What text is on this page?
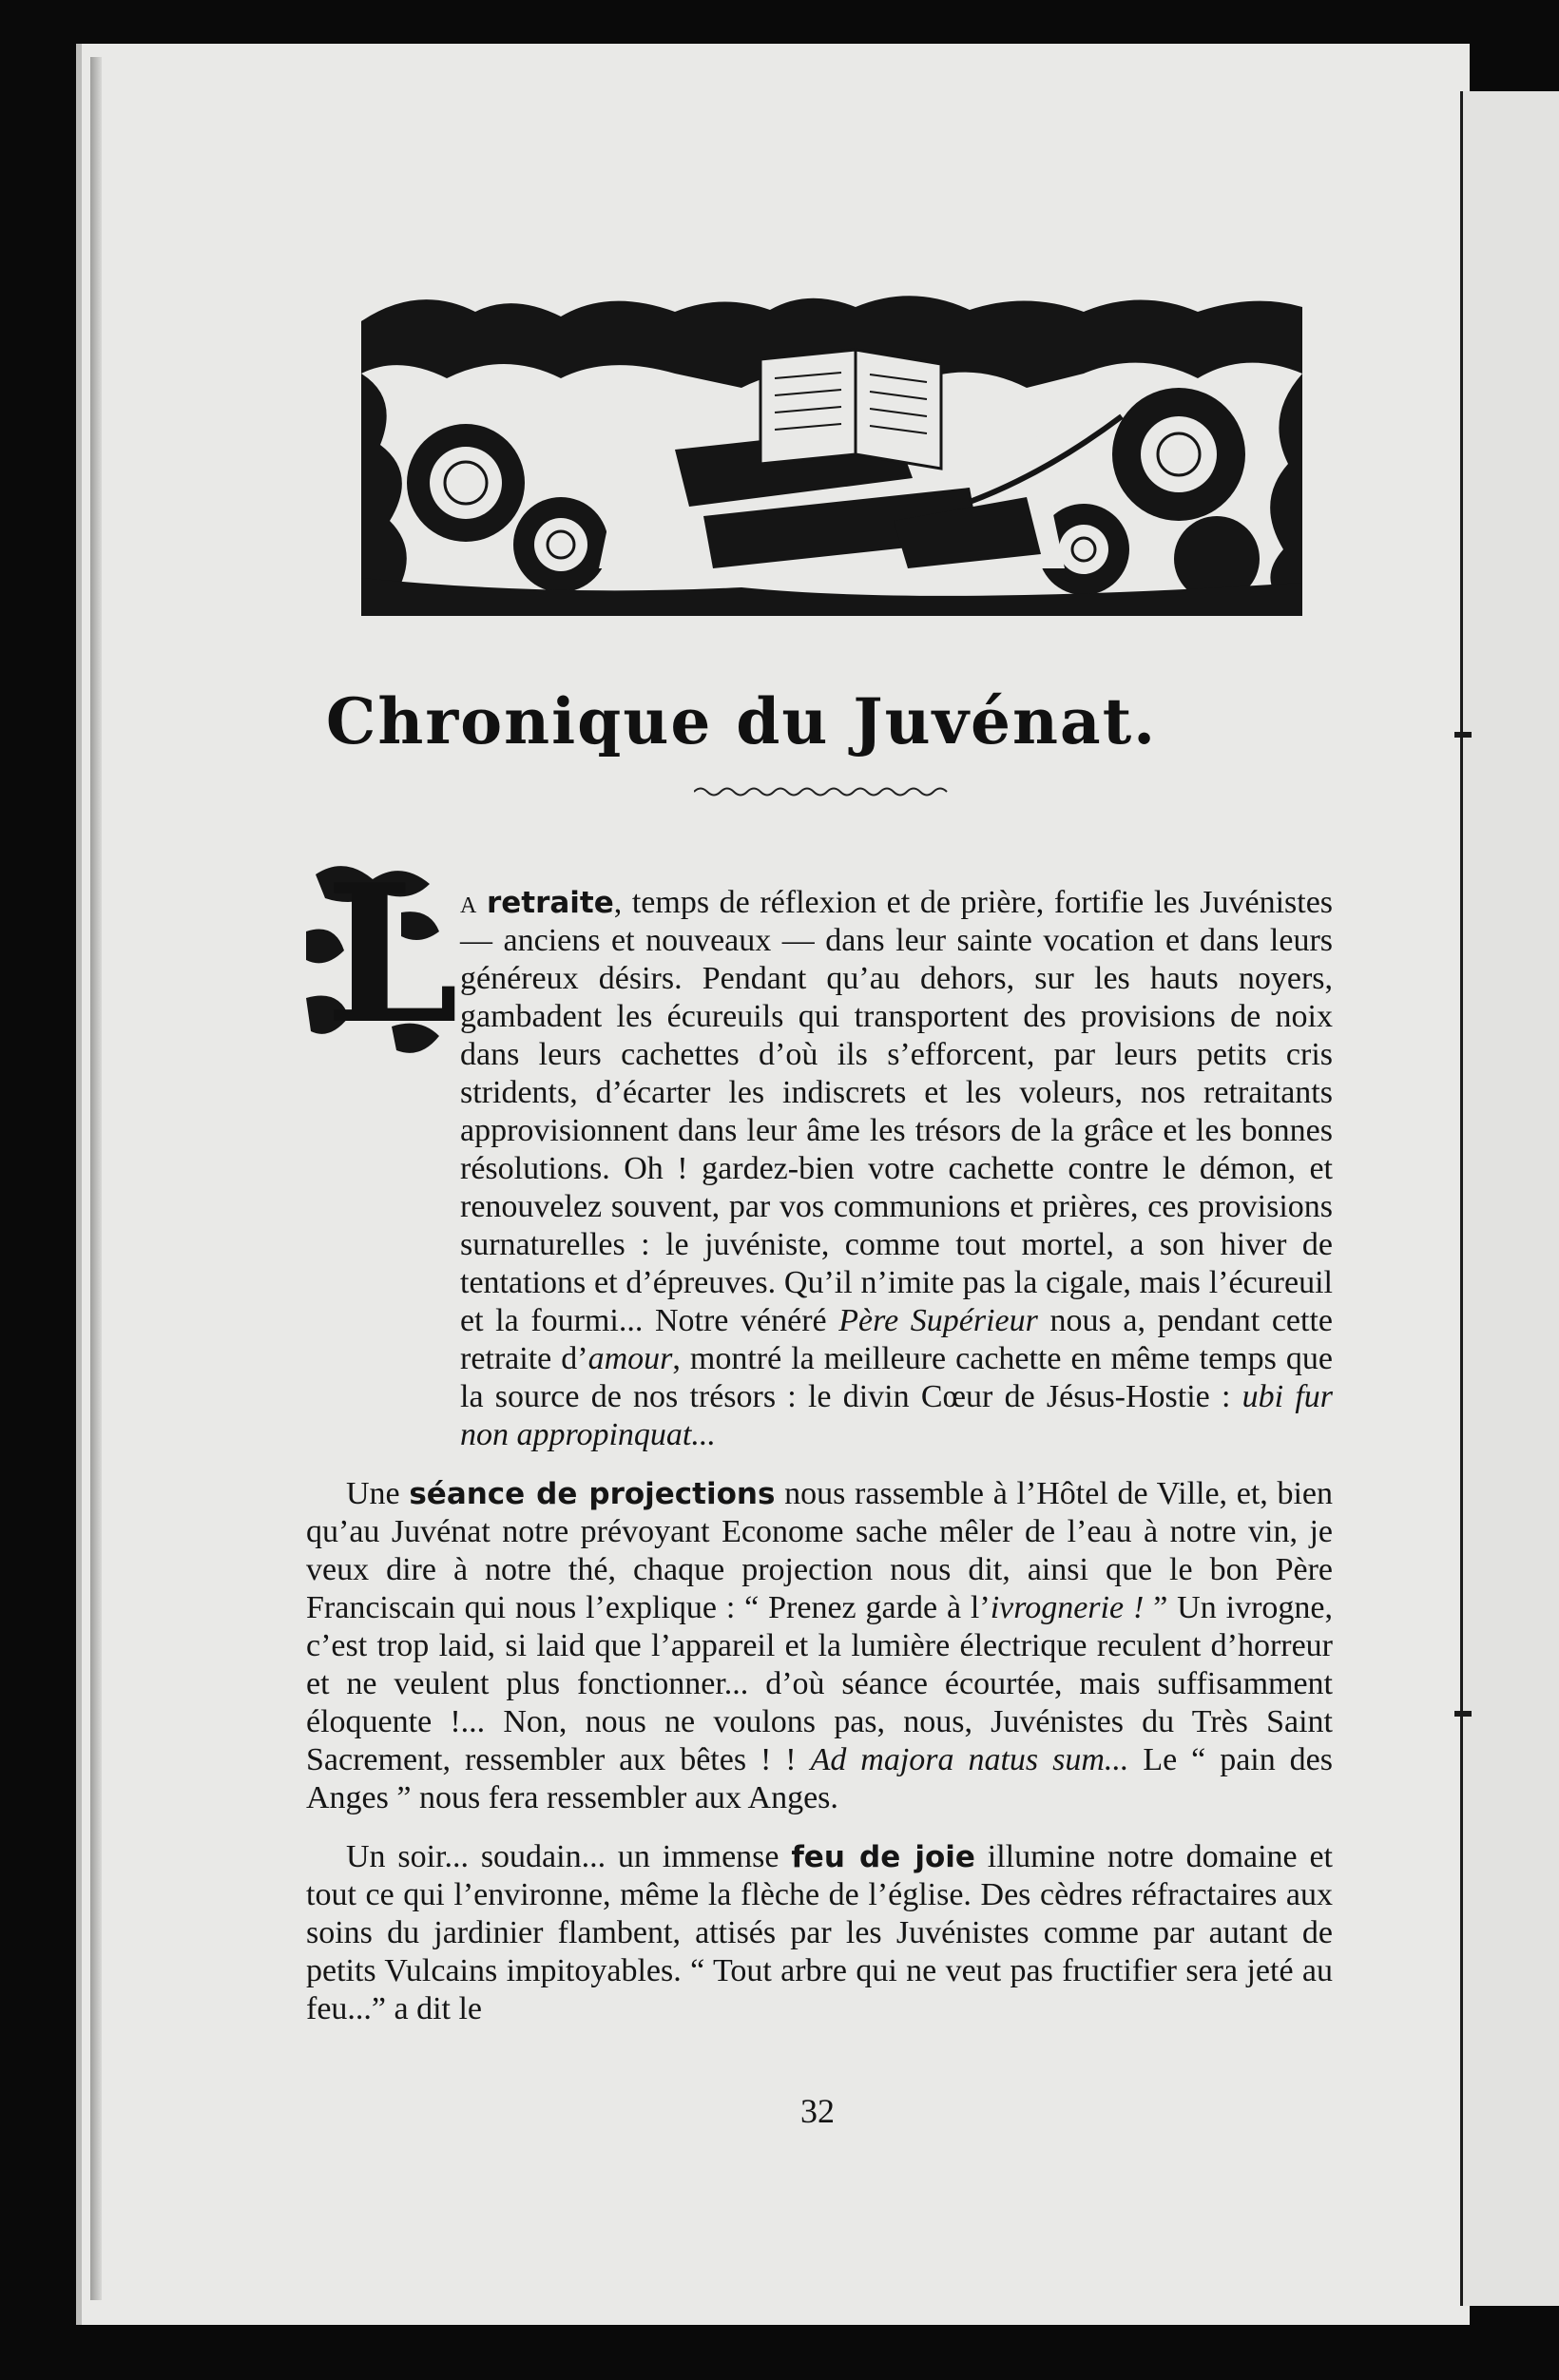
Chronique du Juvénat.
L a retraite, temps de réflexion et de prière, fortifie les Juvénistes — anciens et nouveaux — dans leur sainte vocation et dans leurs généreux désirs. Pendant qu’au dehors, sur les hauts noyers, gambadent les écureuils qui transportent des provisions de noix dans leurs cachettes d’où ils s’efforcent, par leurs petits cris stridents, d’écarter les indiscrets et les voleurs, nos retraitants approvisionnent dans leur âme les trésors de la grâce et les bonnes résolutions. Oh ! gardez-bien votre cachette contre le démon, et renouvelez souvent, par vos communions et prières, ces provisions surnaturelles : le juvéniste, comme tout mortel, a son hiver de tentations et d’épreuves. Qu’il n’imite pas la cigale, mais l’écureuil et la fourmi... Notre vénéré Père Supérieur nous a, pendant cette retraite d’amour, montré la meilleure cachette en même temps que la source de nos trésors : le divin Cœur de Jésus-Hostie : ubi fur non appropinquat...

Une séance de projections nous rassemble à l’Hôtel de Ville, et, bien qu’au Juvénat notre prévoyant Econome sache mêler de l’eau à notre vin, je veux dire à notre thé, chaque projection nous dit, ainsi que le bon Père Franciscain qui nous l’explique : “ Prenez garde à l’ivrognerie ! ” Un ivrogne, c’est trop laid, si laid que l’appareil et la lumière électrique reculent d’horreur et ne veulent plus fonctionner... d’où séance écourtée, mais suffisamment éloquente !... Non, nous ne voulons pas, nous, Juvénistes du Très Saint Sacrement, ressembler aux bêtes ! ! Ad majora natus sum... Le “ pain des Anges ” nous fera ressembler aux Anges.

Un soir... soudain... un immense feu de joie illumine notre domaine et tout ce qui l’environne, même la flèche de l’église. Des cèdres réfractaires aux soins du jardinier flambent, attisés par les Juvénistes comme par autant de petits Vulcains impitoyables. “ Tout arbre qui ne veut pas fructifier sera jeté au feu...” a dit le

32
